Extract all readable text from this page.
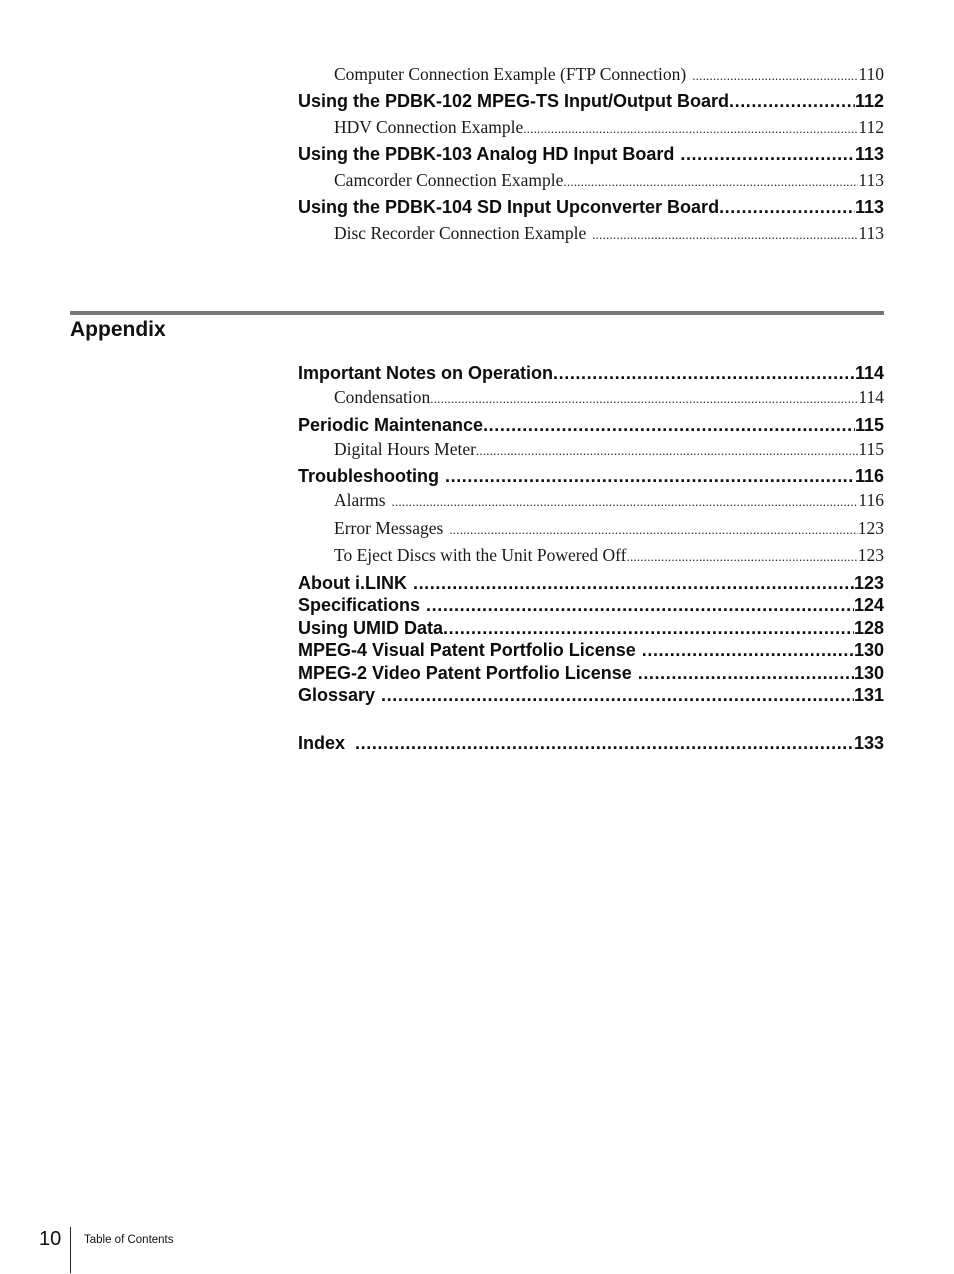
Computer Connection Example (FTP Connection) .....	110
Using the PDBK-102 MPEG-TS Input/Output Board .....	112
HDV Connection Example .....	112
Using the PDBK-103 Analog HD Input Board .....	113
Camcorder Connection Example .....	113
Using the PDBK-104 SD Input Upconverter Board .....	113
Disc Recorder Connection Example .....	113
Appendix
Important Notes on Operation .....	114
Condensation .....	114
Periodic Maintenance .....	115
Digital Hours Meter .....	115
Troubleshooting .....	116
Alarms .....	116
Error Messages .....	123
To Eject Discs with the Unit Powered Off .....	123
About i.LINK .....	123
Specifications .....	124
Using UMID Data .....	128
MPEG-4 Visual Patent Portfolio License .....	130
MPEG-2 Video Patent Portfolio License .....	130
Glossary .....	131
Index .....	133
10 Table of Contents
